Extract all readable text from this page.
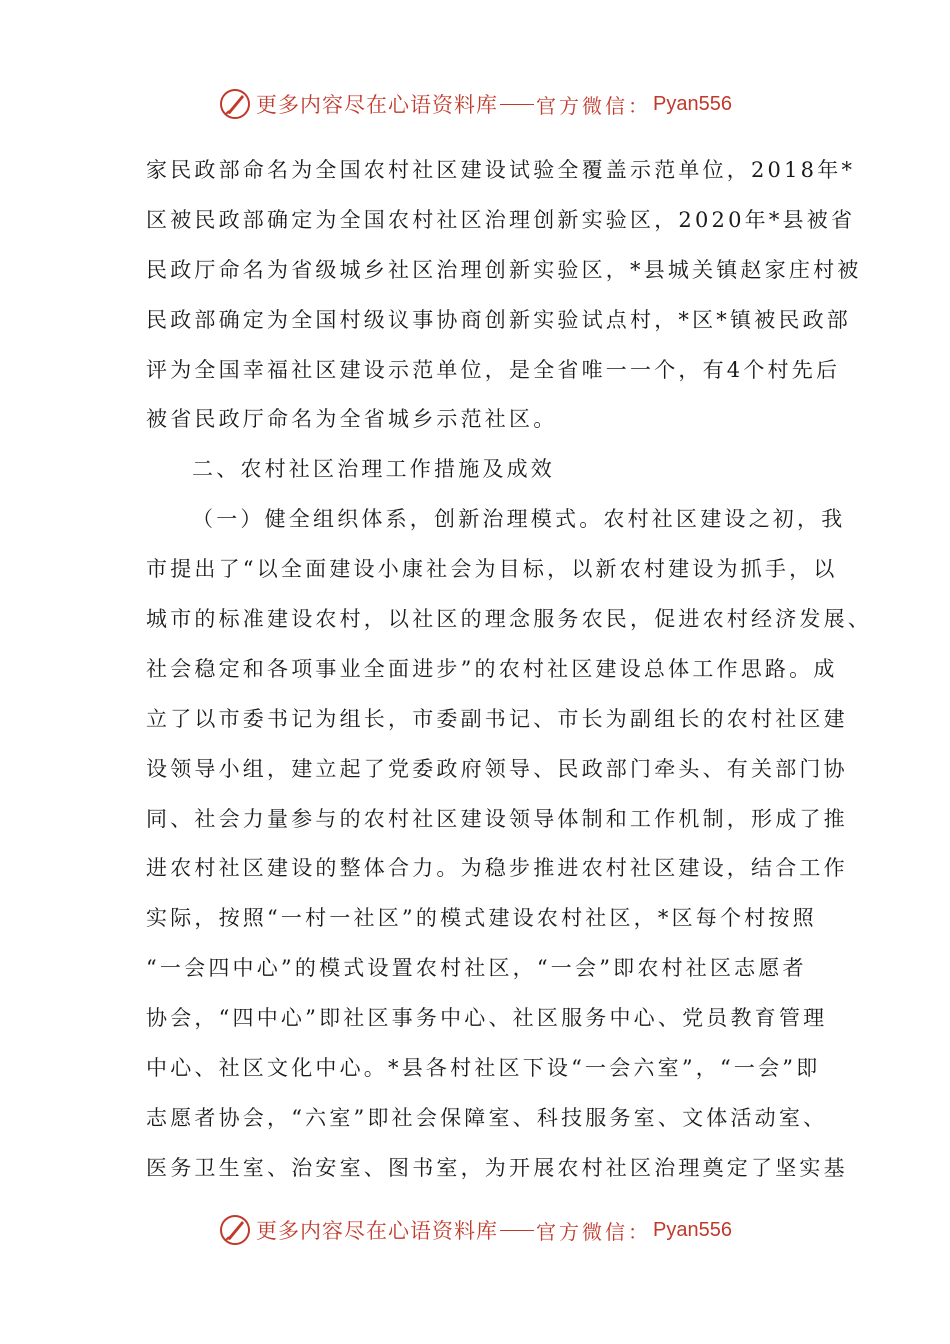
更多内容尽在心语资料库 官方微信： Pyan556
家民政部命名为全国农村社区建设试验全覆盖示范单位，2018年*
区被民政部确定为全国农村社区治理创新实验区，2020年*县被省
民政厅命名为省级城乡社区治理创新实验区，*县城关镇赵家庄村被
民政部确定为全国村级议事协商创新实验试点村，*区*镇被民政部
评为全国幸福社区建设示范单位，是全省唯一一个，有4个村先后
被省民政厅命名为全省城乡示范社区。
二、农村社区治理工作措施及成效
（一）健全组织体系，创新治理模式。农村社区建设之初，我
市提出了“以全面建设小康社会为目标，以新农村建设为抓手，以
城市的标准建设农村，以社区的理念服务农民，促进农村经济发展、
社会稳定和各项事业全面进步”的农村社区建设总体工作思路。成
立了以市委书记为组长，市委副书记、市长为副组长的农村社区建
设领导小组，建立起了党委政府领导、民政部门牵头、有关部门协
同、社会力量参与的农村社区建设领导体制和工作机制，形成了推
进农村社区建设的整体合力。为稳步推进农村社区建设，结合工作
实际，按照“一村一社区”的模式建设农村社区，*区每个村按照
“一会四中心”的模式设置农村社区，“一会”即农村社区志愿者
协会，“四中心”即社区事务中心、社区服务中心、党员教育管理
中心、社区文化中心。*县各村社区下设“一会六室”，“一会”即
志愿者协会，“六室”即社会保障室、科技服务室、文体活动室、
医务卫生室、治安室、图书室，为开展农村社区治理奠定了坚实基
更多内容尽在心语资料库 官方微信： Pyan556
